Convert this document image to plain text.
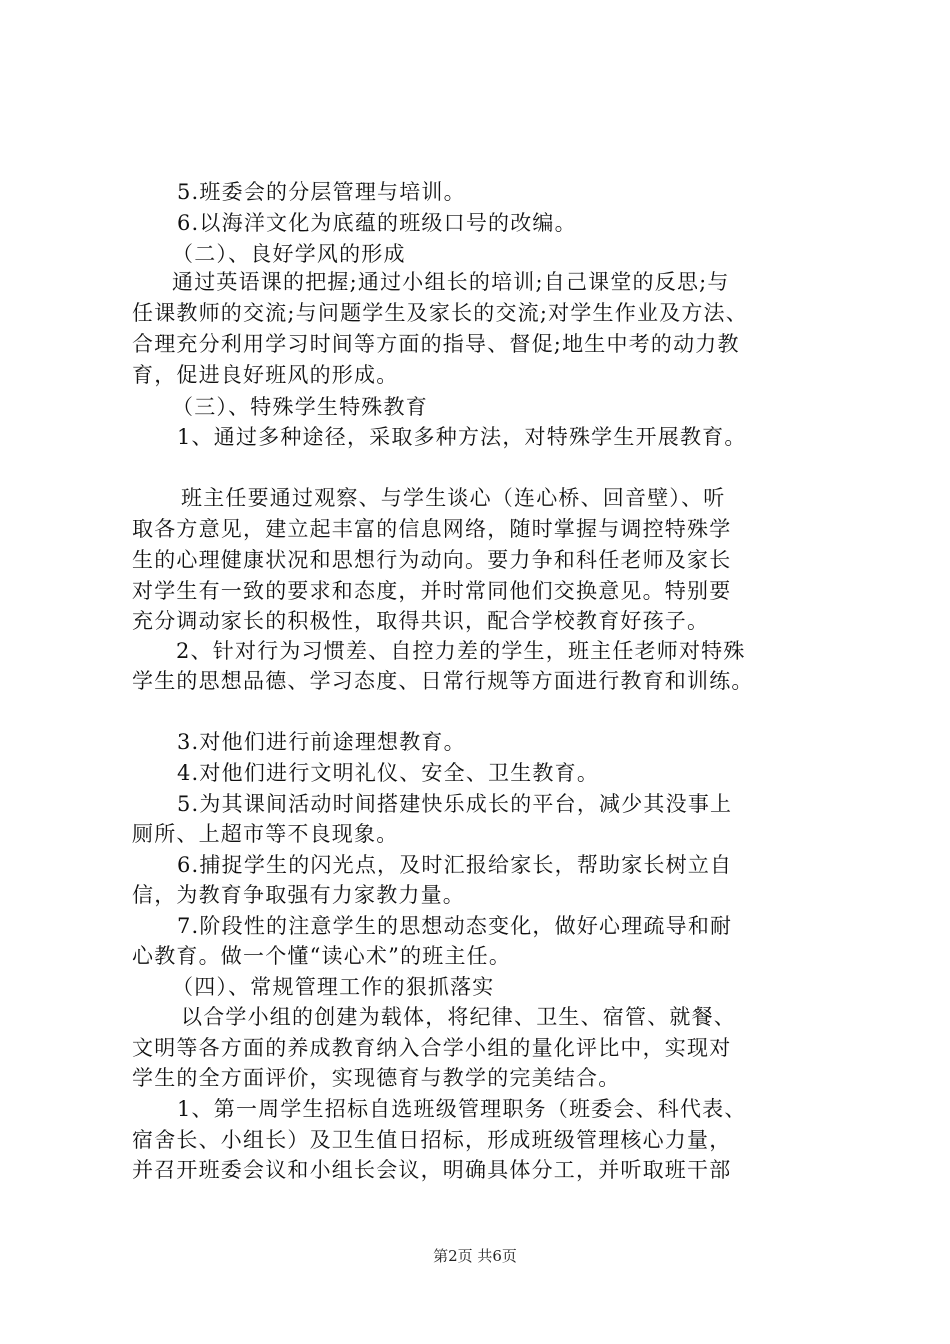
5.班委会的分层管理与培训。
6.以海洋文化为底蕴的班级口号的改编。
（二）、良好学风的形成
通过英语课的把握;通过小组长的培训;自己课堂的反思;与
任课教师的交流;与问题学生及家长的交流;对学生作业及方法、
合理充分利用学习时间等方面的指导、督促;地生中考的动力教
育，促进良好班风的形成。
（三）、特殊学生特殊教育
1、通过多种途径，采取多种方法，对特殊学生开展教育。
班主任要通过观察、与学生谈心（连心桥、回音壁）、听
取各方意见，建立起丰富的信息网络，随时掌握与调控特殊学
生的心理健康状况和思想行为动向。要力争和科任老师及家长
对学生有一致的要求和态度，并时常同他们交换意见。特别要
充分调动家长的积极性，取得共识，配合学校教育好孩子。
2、针对行为习惯差、自控力差的学生，班主任老师对特殊
学生的思想品德、学习态度、日常行规等方面进行教育和训练。
3.对他们进行前途理想教育。
4.对他们进行文明礼仪、安全、卫生教育。
5.为其课间活动时间搭建快乐成长的平台，减少其没事上
厕所、上超市等不良现象。
6.捕捉学生的闪光点，及时汇报给家长，帮助家长树立自
信，为教育争取强有力家教力量。
7.阶段性的注意学生的思想动态变化，做好心理疏导和耐
心教育。做一个懂“读心术”的班主任。
（四）、常规管理工作的狠抓落实
以合学小组的创建为载体，将纪律、卫生、宿管、就餐、
文明等各方面的养成教育纳入合学小组的量化评比中，实现对
学生的全方面评价，实现德育与教学的完美结合。
1、第一周学生招标自选班级管理职务（班委会、科代表、
宿舍长、小组长）及卫生值日招标，形成班级管理核心力量，
并召开班委会议和小组长会议，明确具体分工，并听取班干部
第2页 共6页
